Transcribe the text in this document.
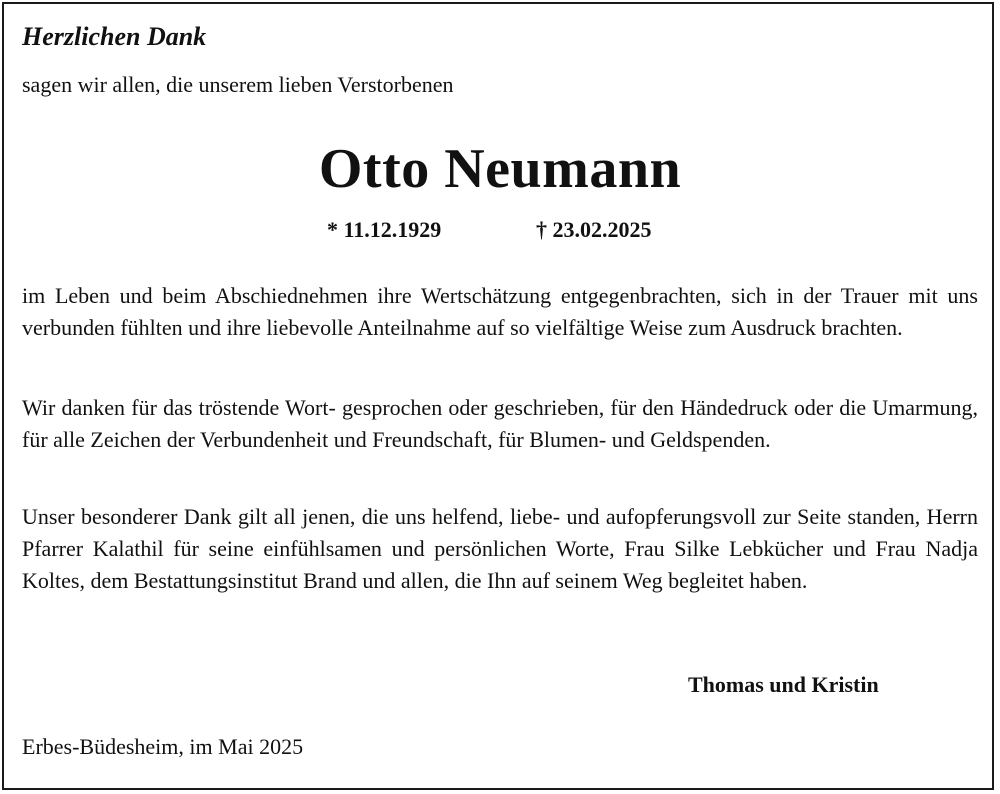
Herzlichen Dank

sagen wir allen, die unserem lieben Verstorbenen

Otto Neumann
* 11.12.1929	† 23.02.2025

im Leben und beim Abschiednehmen ihre Wertschätzung entgegenbrachten, sich in der Trauer mit uns verbunden fühlten und ihre liebevolle Anteilnahme auf so vielfältige Weise zum Ausdruck brachten.

Wir danken für das tröstende Wort- gesprochen oder geschrieben, für den Händedruck oder die Umarmung, für alle Zeichen der Verbundenheit und Freundschaft, für Blumen- und Geldspenden.

Unser besonderer Dank gilt all jenen, die uns helfend, liebe- und aufopferungsvoll zur Seite standen, Herrn Pfarrer Kalathil für seine einfühlsamen und persönlichen Worte, Frau Silke Lebkücher und Frau Nadja Koltes, dem Bestattungsinstitut Brand und allen, die Ihn auf seinem Weg begleitet haben.

Thomas und Kristin

Erbes-Büdesheim, im Mai 2025
